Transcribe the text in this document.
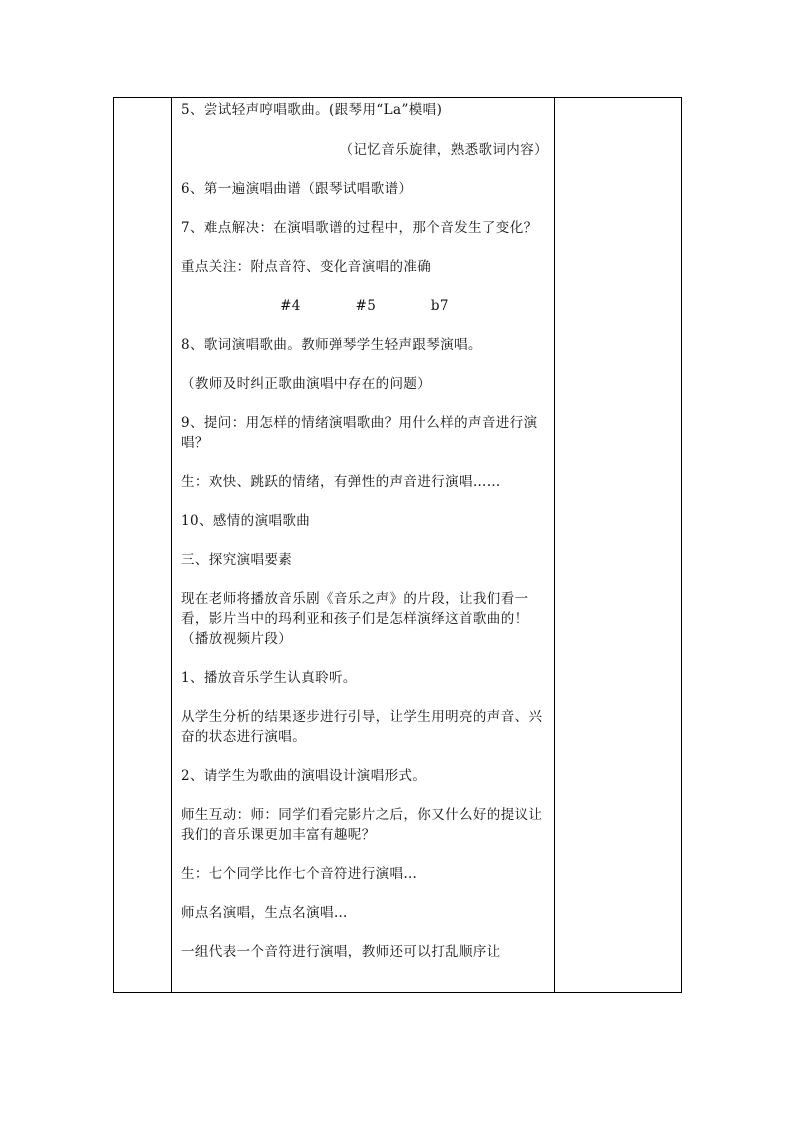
5、尝试轻声哼唱歌曲。(跟琴用“La”模唱)

（记忆音乐旋律，熟悉歌词内容）

6、第一遍演唱曲谱（跟琴试唱歌谱）

7、难点解决：在演唱歌谱的过程中，那个音发生了变化？

重点关注：附点音符、变化音演唱的准确

#4	#5	b7

8、歌词演唱歌曲。教师弹琴学生轻声跟琴演唱。

（教师及时纠正歌曲演唱中存在的问题）

9、提问：用怎样的情绪演唱歌曲？用什么样的声音进行演唱？

生：欢快、跳跃的情绪，有弹性的声音进行演唱……

10、感情的演唱歌曲

三、探究演唱要素

现在老师将播放音乐剧《音乐之声》的片段，让我们看一看，影片当中的玛利亚和孩子们是怎样演绎这首歌曲的！（播放视频片段）

1、播放音乐学生认真聆听。

从学生分析的结果逐步进行引导，让学生用明亮的声音、兴奋的状态进行演唱。

2、请学生为歌曲的演唱设计演唱形式。

师生互动：师：同学们看完影片之后，你又什么好的提议让我们的音乐课更加丰富有趣呢？

生：七个同学比作七个音符进行演唱…

师点名演唱，生点名演唱…

一组代表一个音符进行演唱，教师还可以打乱顺序让
